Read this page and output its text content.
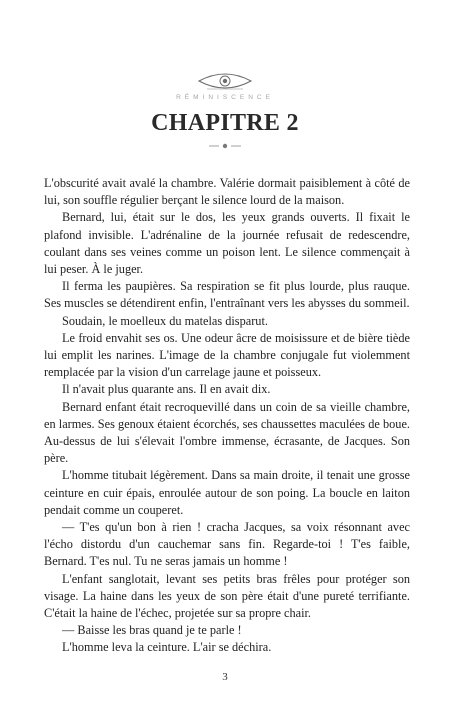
RÉMINISCENCE
CHAPITRE 2

L'obscurité avait avalé la chambre. Valérie dormait paisiblement à côté de lui, son souffle régulier berçant le silence lourd de la maison.

Bernard, lui, était sur le dos, les yeux grands ouverts. Il fixait le plafond invisible. L'adrénaline de la journée refusait de redescendre, coulant dans ses veines comme un poison lent. Le silence commençait à lui peser. À le juger.

Il ferma les paupières. Sa respiration se fit plus lourde, plus rauque. Ses muscles se détendirent enfin, l'entraînant vers les abysses du sommeil.

Soudain, le moelleux du matelas disparut.

Le froid envahit ses os. Une odeur âcre de moisissure et de bière tiède lui emplit les narines. L'image de la chambre conjugale fut violemment remplacée par la vision d'un carrelage jaune et poisseux.

Il n'avait plus quarante ans. Il en avait dix.

Bernard enfant était recroquevillé dans un coin de sa vieille chambre, en larmes. Ses genoux étaient écorchés, ses chaussettes maculées de boue. Au-dessus de lui s'élevait l'ombre immense, écrasante, de Jacques. Son père.

L'homme titubait légèrement. Dans sa main droite, il tenait une grosse ceinture en cuir épais, enroulée autour de son poing. La boucle en laiton pendait comme un couperet.

— T'es qu'un bon à rien ! cracha Jacques, sa voix résonnant avec l'écho distordu d'un cauchemar sans fin. Regarde-toi ! T'es faible, Bernard. T'es nul. Tu ne seras jamais un homme !

L'enfant sanglotait, levant ses petits bras frêles pour protéger son visage. La haine dans les yeux de son père était d'une pureté terrifiante. C'était la haine de l'échec, projetée sur sa propre chair.

— Baisse les bras quand je te parle !

L'homme leva la ceinture. L'air se déchira.

3
